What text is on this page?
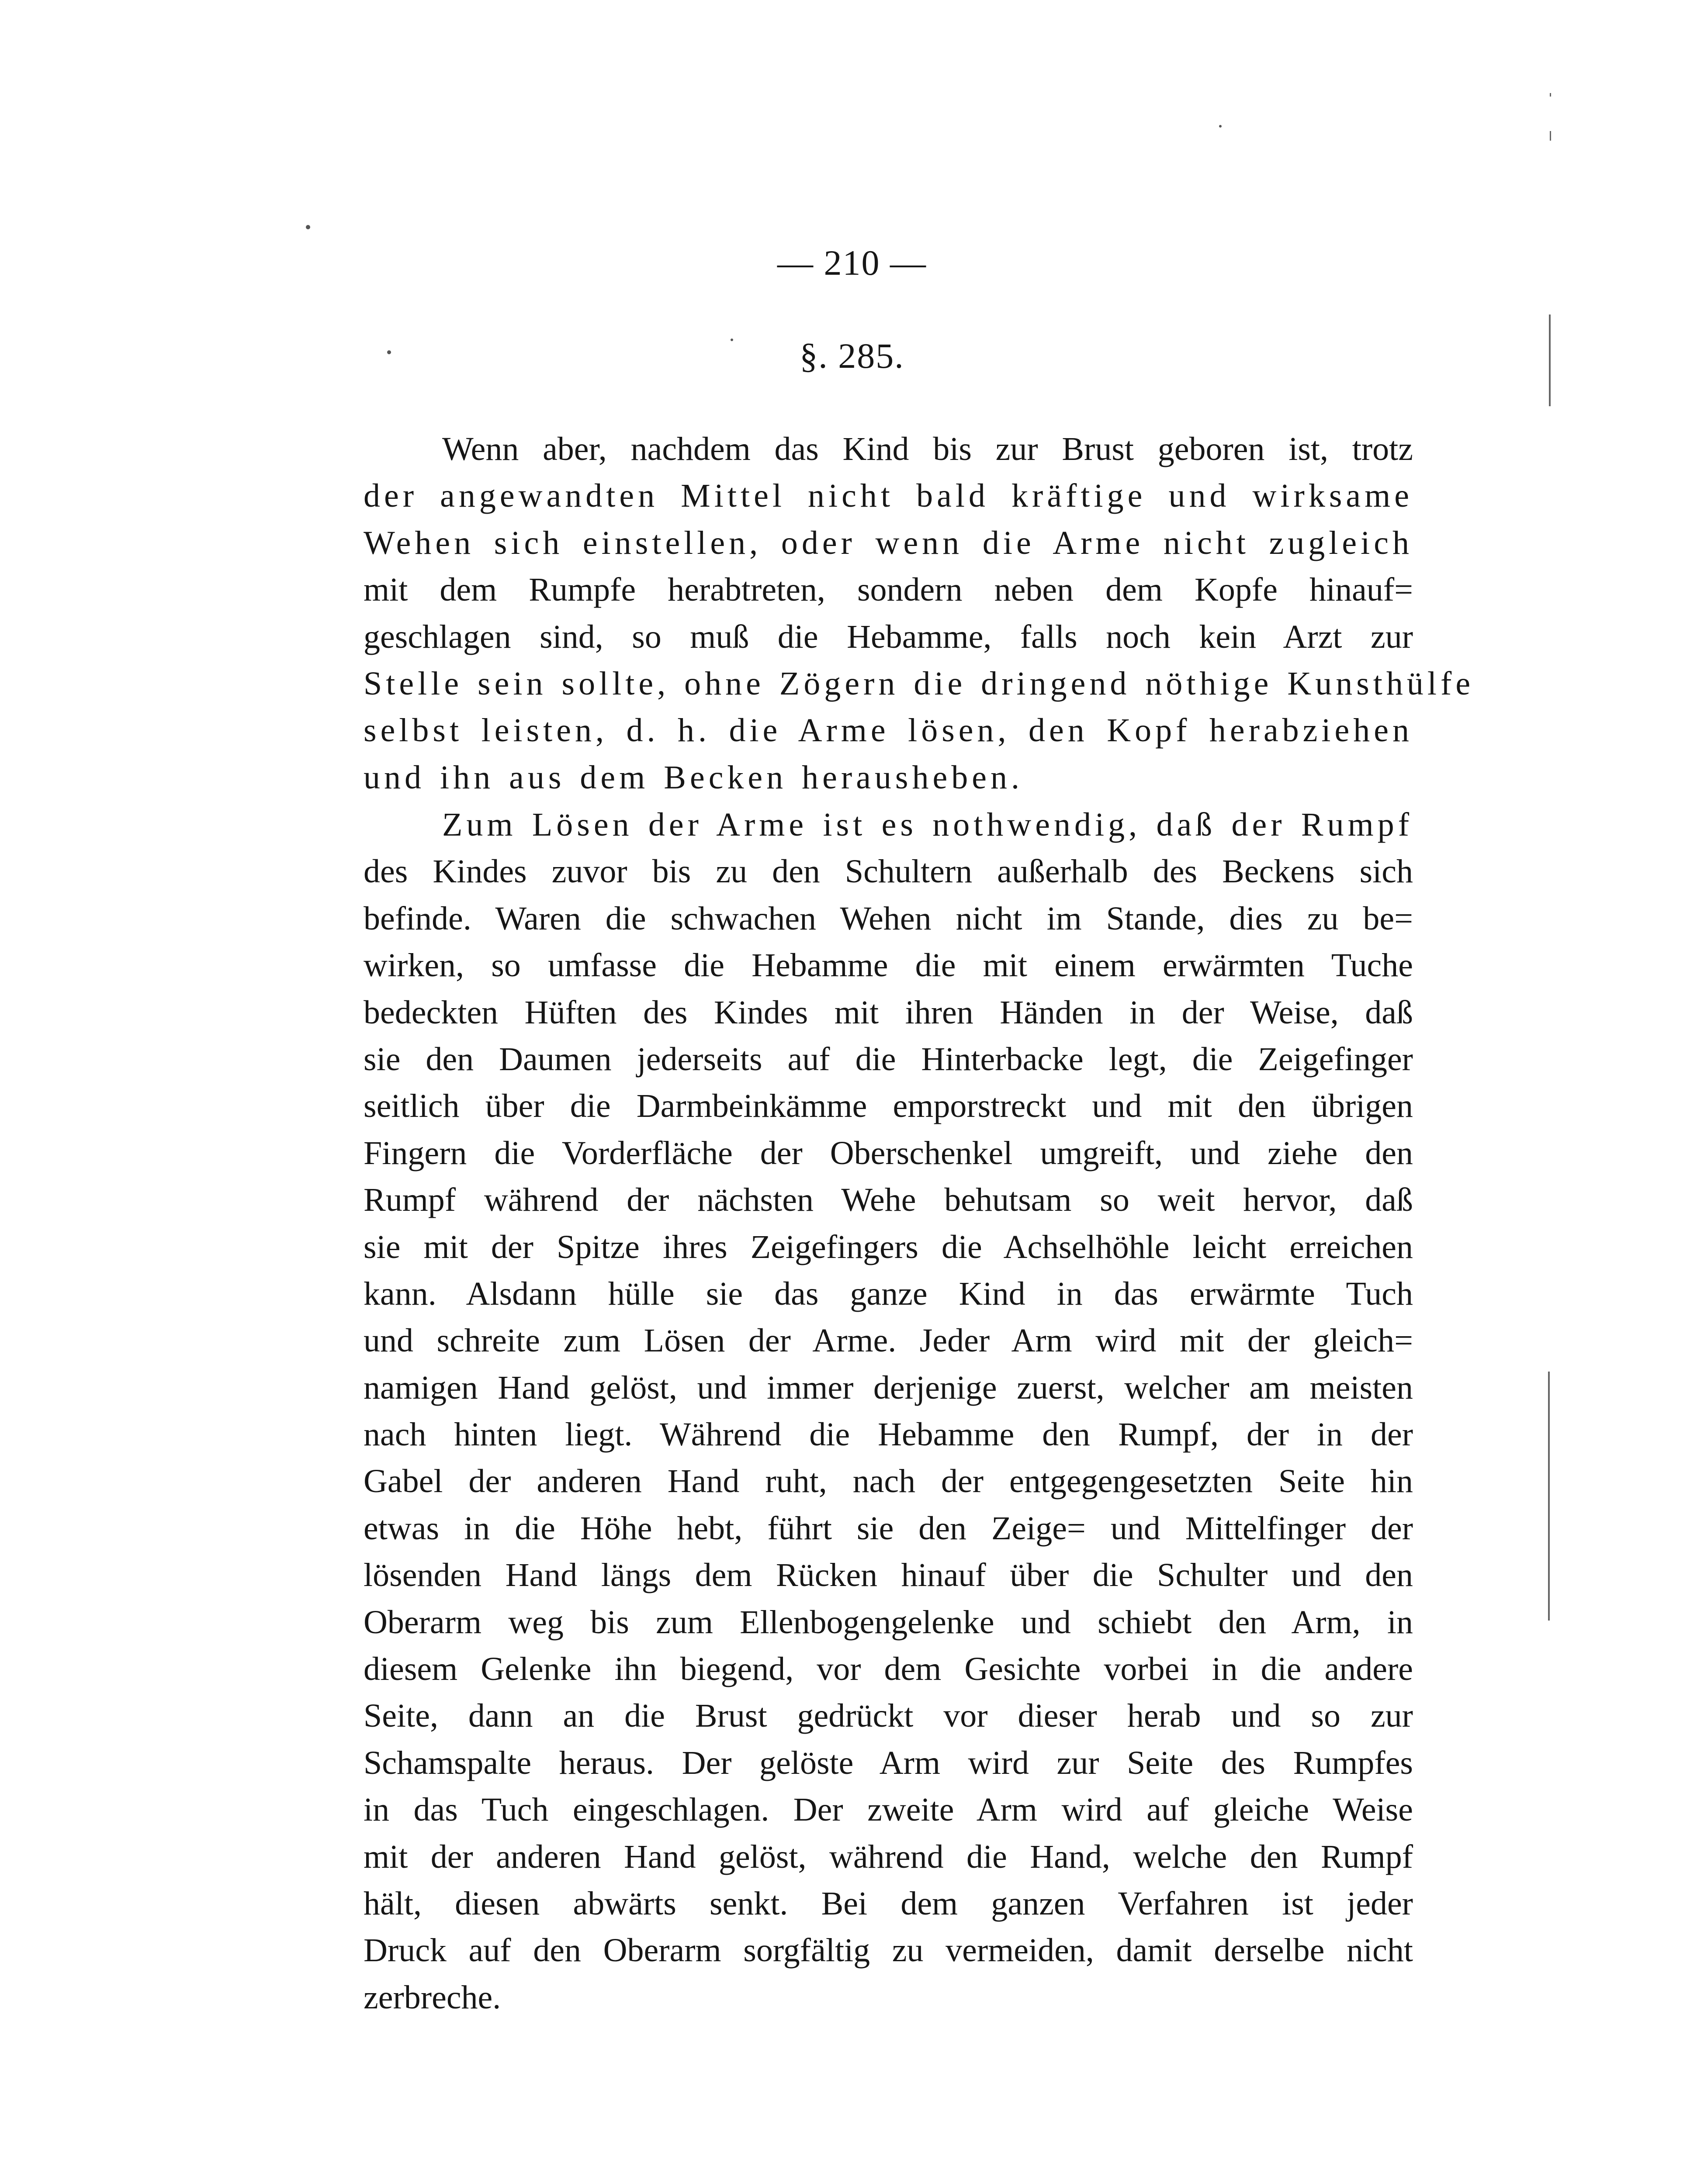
— 210 —
§. 285.
Wenn aber, nachdem das Kind bis zur Brust geboren ist, trotz
der angewandten Mittel nicht bald kräftige und wirksame
Wehen sich einstellen, oder wenn die Arme nicht zugleich
mit dem Rumpfe herabtreten, sondern neben dem Kopfe hinauf=
geschlagen sind, so muß die Hebamme, falls noch kein Arzt zur
Stelle sein sollte, ohne Zögern die dringend nöthige Kunsthülfe
selbst leisten, d. h. die Arme lösen, den Kopf herabziehen
und ihn aus dem Becken herausheben.
Zum Lösen der Arme ist es nothwendig, daß der Rumpf
des Kindes zuvor bis zu den Schultern außerhalb des Beckens sich
befinde. Waren die schwachen Wehen nicht im Stande, dies zu be=
wirken, so umfasse die Hebamme die mit einem erwärmten Tuche
bedeckten Hüften des Kindes mit ihren Händen in der Weise, daß
sie den Daumen jederseits auf die Hinterbacke legt, die Zeigefinger
seitlich über die Darmbeinkämme emporstreckt und mit den übrigen
Fingern die Vorderfläche der Oberschenkel umgreift, und ziehe den
Rumpf während der nächsten Wehe behutsam so weit hervor, daß
sie mit der Spitze ihres Zeigefingers die Achselhöhle leicht erreichen
kann. Alsdann hülle sie das ganze Kind in das erwärmte Tuch
und schreite zum Lösen der Arme. Jeder Arm wird mit der gleich=
namigen Hand gelöst, und immer derjenige zuerst, welcher am meisten
nach hinten liegt. Während die Hebamme den Rumpf, der in der
Gabel der anderen Hand ruht, nach der entgegengesetzten Seite hin
etwas in die Höhe hebt, führt sie den Zeige= und Mittelfinger der
lösenden Hand längs dem Rücken hinauf über die Schulter und den
Oberarm weg bis zum Ellenbogengelenke und schiebt den Arm, in
diesem Gelenke ihn biegend, vor dem Gesichte vorbei in die andere
Seite, dann an die Brust gedrückt vor dieser herab und so zur
Schamspalte heraus. Der gelöste Arm wird zur Seite des Rumpfes
in das Tuch eingeschlagen. Der zweite Arm wird auf gleiche Weise
mit der anderen Hand gelöst, während die Hand, welche den Rumpf
hält, diesen abwärts senkt. Bei dem ganzen Verfahren ist jeder
Druck auf den Oberarm sorgfältig zu vermeiden, damit derselbe nicht
zerbreche.
